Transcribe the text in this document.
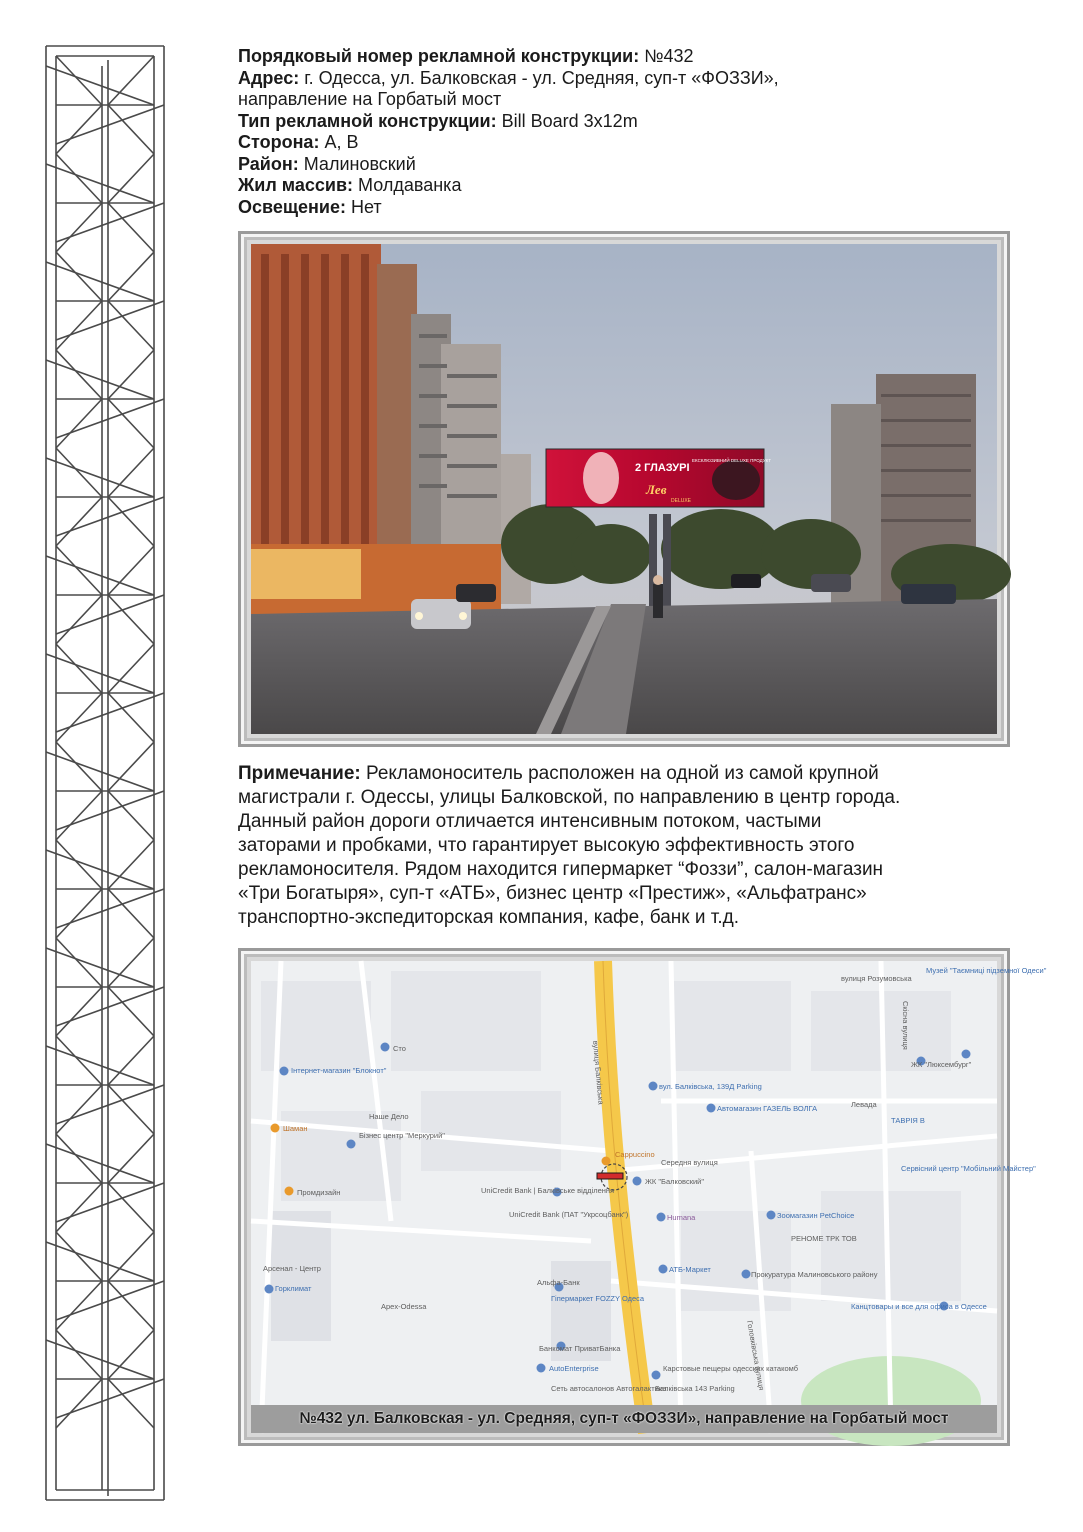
Порядковый номер рекламной конструкции: №432
Адрес: г. Одесса, ул. Балковская - ул. Средняя, суп-т «ФОЗЗИ»,
направление на Горбатый мост
Тип рекламной конструкции: Bill Board 3x12m
Сторона: А, В
Район: Малиновский
Жил массив: Молдаванка
Освещение: Нет
2 ГЛАЗУРІ
ЕКСКЛЮЗИВНИЙ DELUXE ПРОДУКТ
Лев
DELUXE
Примечание: Рекламоноситель расположен на одной из самой крупной
магистрали г. Одессы, улицы Балковской, по направлению в центр города.
Данный район дороги отличается интенсивным потоком, частыми
заторами и пробками, что гарантирует высокую эффективность этого
рекламоносителя. Рядом находится гипермаркет “Фоззи”, салон-магазин
«Три Богатыря», суп-т «АТБ», бизнес центр «Престиж», «Альфатранс»
транспортно-экспедиторская компания, кафе, банк и т.д.
вулиця Розумовська
Музей "Таємниці підземної Одеси"
Сто
Інтернет-магазин "Блокнот"
Наше Дело
Шаман
Бізнес центр "Меркурий"
вул. Балківська, 139Д Parking
Автомагазин ГАЗЕЛЬ ВОЛГА	Левада
ТАВРІЯ В
ЖК "Люксембург"
Середня вулиця
Cappuccino
ЖК "Балковский"
Сервісний центр "Мобільний Майстер"
Промдизайн	UniCredit Bank | Балківське відділення
UniCredit Bank (ПАТ "Укрсоцбанк")	Humana	Зоомагазин PetChoice
РЕНОМЕ ТРК ТОВ
Арсенал - Центр	АТБ-Маркет
Прокуратура Малиновського району
Альфа-Банк
Гіпермаркет FOZZY Одеса
Apex-Odessa
Горклимат
Канцтовары и все для офиса в Одессе
Банкомат ПриватБанка
AutoEnterprise	Карстовые пещеры одесских катакомб
Балківська 143 Parking
Сеть автосалонов Автогалактика
вулиця Балківська
Скісна вулиця
Головківська вулиця
№432 ул. Балковская - ул. Средняя, суп-т «ФОЗЗИ», направление на Горбатый мост
